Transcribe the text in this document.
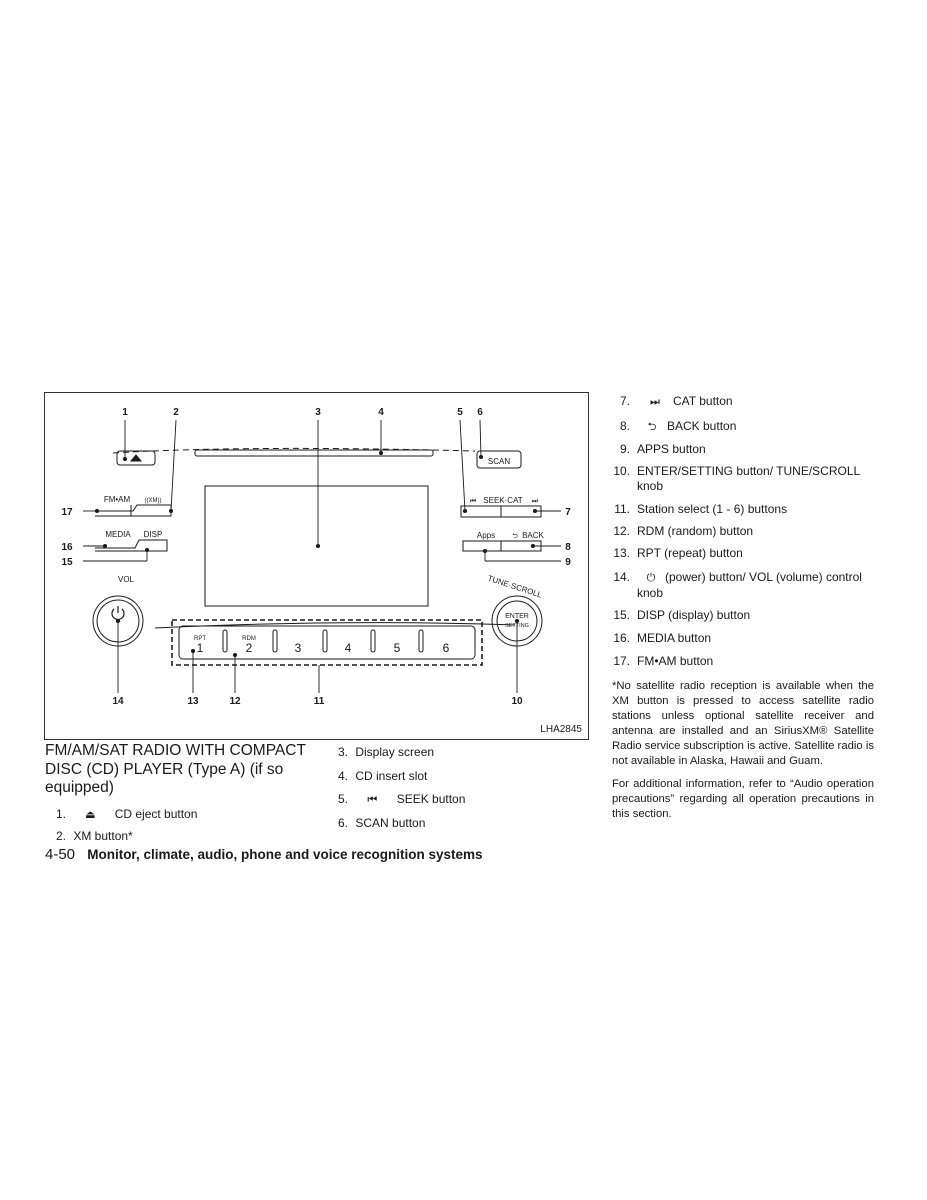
1	2	3	4	5 6
7
8
9
10
11
12
13
14
15
16
17
SCAN
FM•AM ((XM))	SEEK·CAT
MEDIA DISP	Apps	BACK
VOL	TUNE·SCROLL
ENTER
SETTING
RPT	RDM
⏮	⏭
⮌
1	2	3	4	5	6
LHA2845
FM/AM/SAT RADIO WITH COMPACT DISC (CD) PLAYER (Type A) (if so equipped)
1. ⏏ CD eject button
2. XM button*
3. Display screen
4. CD insert slot
5. ⏮ SEEK button
6. SCAN button
7.	⏭ CAT button
8.	⮌ BACK button
9. APPS button
10. ENTER/SETTING button/ TUNE/SCROLL knob
11. Station select (1 - 6) buttons
12. RDM (random) button
13. RPT (repeat) button
14.	⏻ (power) button/ VOL (volume) control knob
15. DISP (display) button
16. MEDIA button
17. FM•AM button

*No satellite radio reception is available when the XM button is pressed to access satellite radio stations unless optional satellite receiver and antenna are installed and an SiriusXM® Satellite Radio service subscription is active. Satellite radio is not available in Alaska, Hawaii and Guam.

For additional information, refer to “Audio operation precautions” regarding all operation precautions in this section.

4-50 Monitor, climate, audio, phone and voice recognition systems
